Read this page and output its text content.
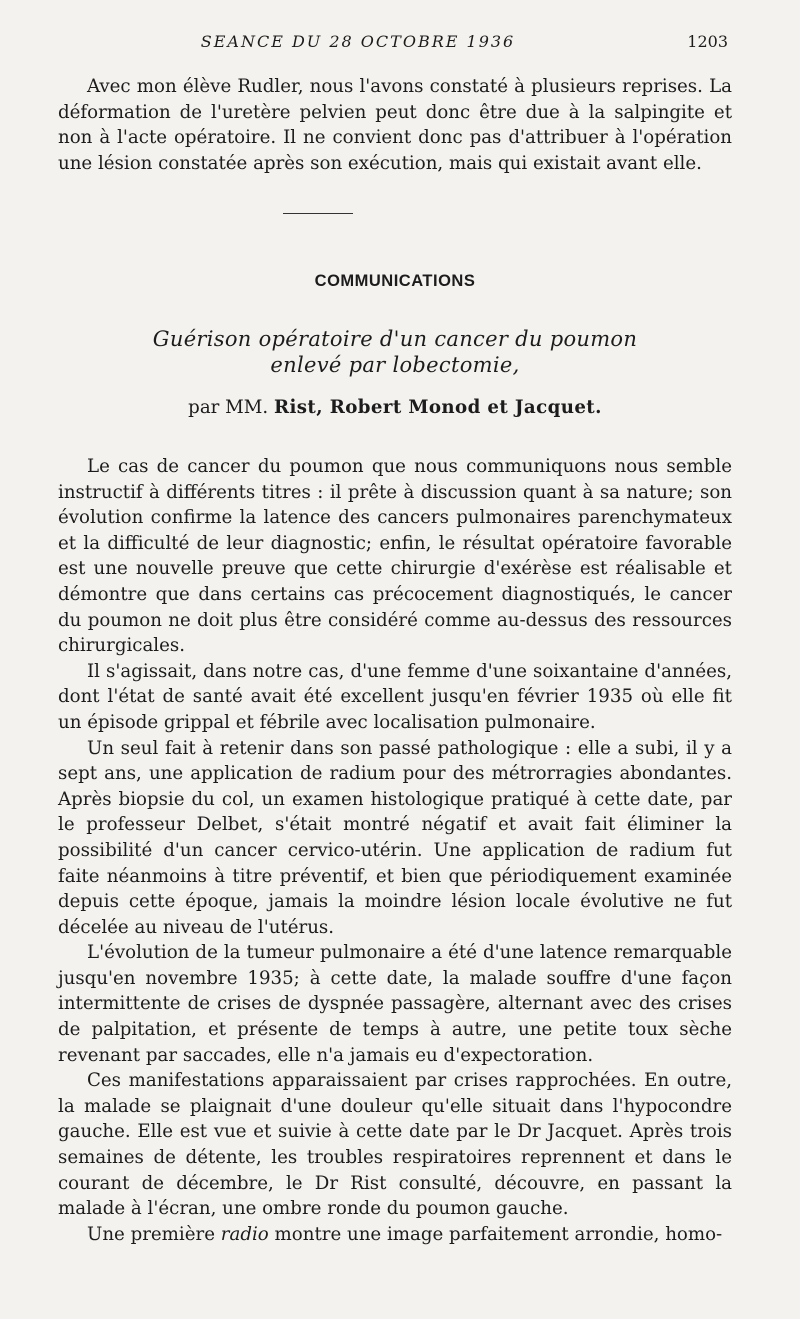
SEANCE DU 28 OCTOBRE 1936	1203

Avec mon élève Rudler, nous l'avons constaté à plusieurs reprises. La déformation de l'uretère pelvien peut donc être due à la salpingite et non à l'acte opératoire. Il ne convient donc pas d'attribuer à l'opération une lésion constatée après son exécution, mais qui existait avant elle.

COMMUNICATIONS
Guérison opératoire d'un cancer du poumon
enlevé par lobectomie,
par MM. Rist, Robert Monod et Jacquet.

Le cas de cancer du poumon que nous communiquons nous semble instructif à différents titres : il prête à discussion quant à sa nature; son évolution confirme la latence des cancers pulmonaires parenchymateux et la difficulté de leur diagnostic; enfin, le résultat opératoire favorable est une nouvelle preuve que cette chirurgie d'exérèse est réalisable et démontre que dans certains cas précocement diagnostiqués, le cancer du poumon ne doit plus être considéré comme au-dessus des ressources chirurgicales.

Il s'agissait, dans notre cas, d'une femme d'une soixantaine d'années, dont l'état de santé avait été excellent jusqu'en février 1935 où elle fit un épisode grippal et fébrile avec localisation pulmonaire.

Un seul fait à retenir dans son passé pathologique : elle a subi, il y a sept ans, une application de radium pour des métrorragies abondantes. Après biopsie du col, un examen histologique pratiqué à cette date, par le professeur Delbet, s'était montré négatif et avait fait éliminer la possibilité d'un cancer cervico-utérin. Une application de radium fut faite néanmoins à titre préventif, et bien que périodiquement examinée depuis cette époque, jamais la moindre lésion locale évolutive ne fut décelée au niveau de l'utérus.

L'évolution de la tumeur pulmonaire a été d'une latence remarquable jusqu'en novembre 1935; à cette date, la malade souffre d'une façon intermittente de crises de dyspnée passagère, alternant avec des crises de palpitation, et présente de temps à autre, une petite toux sèche revenant par saccades, elle n'a jamais eu d'expectoration.

Ces manifestations apparaissaient par crises rapprochées. En outre, la malade se plaignait d'une douleur qu'elle situait dans l'hypocondre gauche. Elle est vue et suivie à cette date par le Dr Jacquet. Après trois semaines de détente, les troubles respiratoires reprennent et dans le courant de décembre, le Dr Rist consulté, découvre, en passant la malade à l'écran, une ombre ronde du poumon gauche.

Une première radio montre une image parfaitement arrondie, homo-
